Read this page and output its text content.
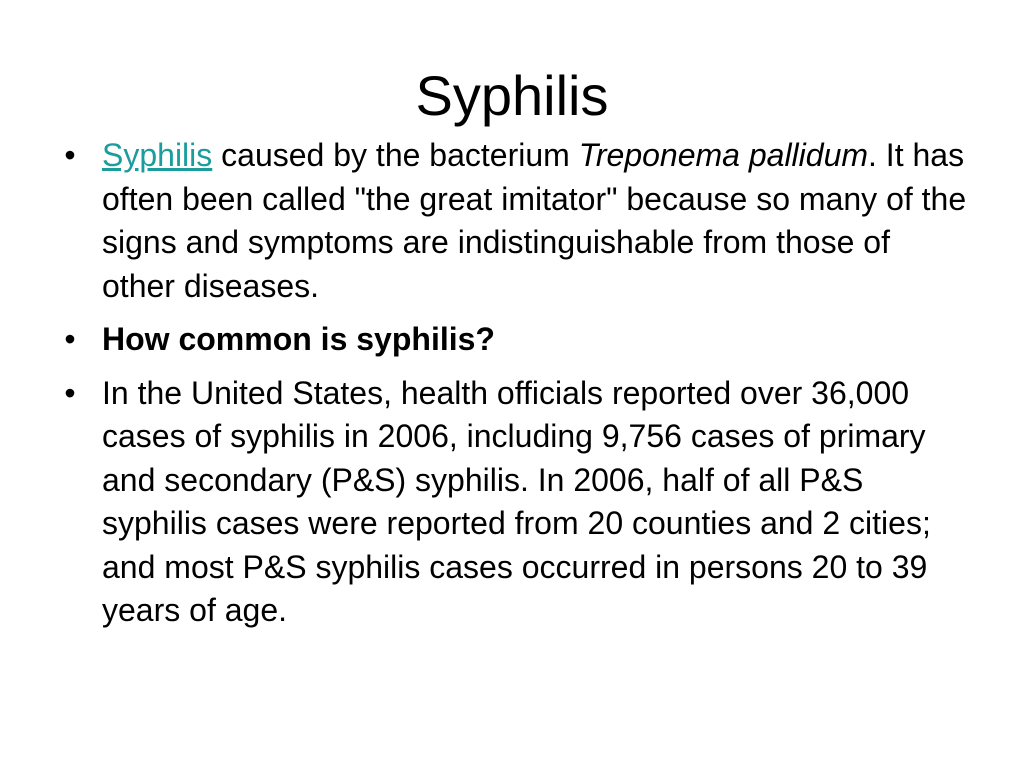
Syphilis
• Syphilis caused by the bacterium Treponema pallidum. It has often been called "the great imitator" because so many of the signs and symptoms are indistinguishable from those of other diseases.
• How common is syphilis?
• In the United States, health officials reported over 36,000 cases of syphilis in 2006, including 9,756 cases of primary and secondary (P&S) syphilis. In 2006, half of all P&S syphilis cases were reported from 20 counties and 2 cities; and most P&S syphilis cases occurred in persons 20 to 39 years of age.
